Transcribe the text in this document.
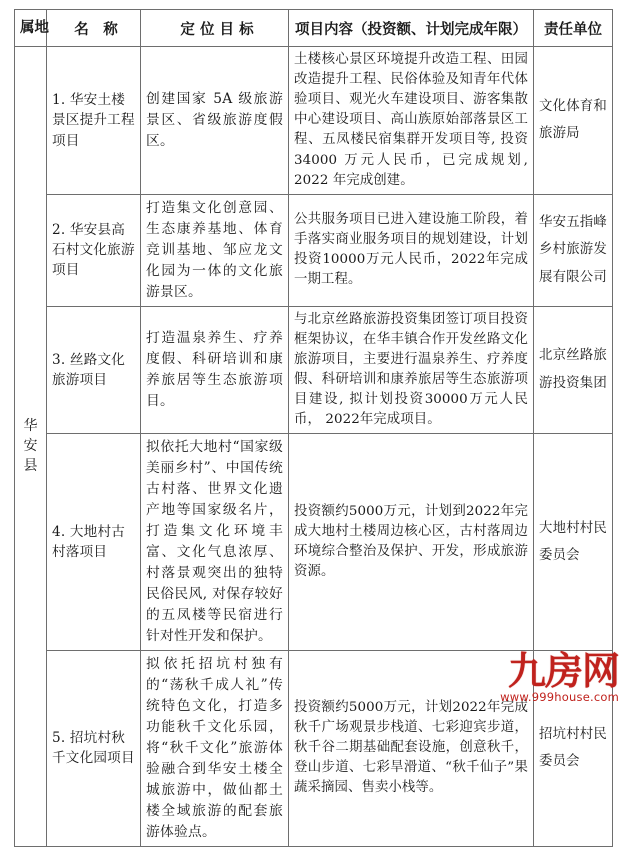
属地	名　称	定 位 目 标	项目内容（投资额、计划完成年限）	责任单位

华安县	1. 华安土楼景区提升工程项目	创建国家 5A 级旅游景区、省级旅游度假区。	土楼核心景区环境提升改造工程、田园改造提升工程、民俗体验及知青年代体验项目、观光火车建设项目、游客集散中心建设项目、高山族原始部落景区工程、五凤楼民宿集群开发项目等, 投资 34000 万元人民币，已完成规划, 2022 年完成创建。	文化体育和旅游局
	2. 华安县高石村文化旅游项目	打造集文化创意园、生态康养基地、体育竞训基地、邹应龙文化园为一体的文化旅游景区。	公共服务项目已进入建设施工阶段，着手落实商业服务项目的规划建设，计划投资10000万元人民币，2022年完成一期工程。	华安五指峰乡村旅游发展有限公司
	3. 丝路文化旅游项目	打造温泉养生、疗养度假、科研培训和康养旅居等生态旅游项目。	与北京丝路旅游投资集团签订项目投资框架协议，在华丰镇合作开发丝路文化旅游项目，主要进行温泉养生、疗养度假、科研培训和康养旅居等生态旅游项目建设, 拟计划投资30000万元人民币， 2022年完成项目。	北京丝路旅游投资集团
	4. 大地村古村落项目	拟依托大地村“国家级美丽乡村”、中国传统古村落、世界文化遗产地等国家级名片，打造集文化环境丰富、文化气息浓厚、村落景观突出的独特民俗民风, 对保存较好的五凤楼等民宿进行针对性开发和保护。	投资额约5000万元，计划到2022年完成大地村土楼周边核心区，古村落周边环境综合整治及保护、开发，形成旅游资源。	大地村村民委员会
	5. 招坑村秋千文化园项目	拟依托招坑村独有的“荡秋千成人礼”传统特色文化，打造多功能秋千文化乐园，将“秋千文化”旅游体验融合到华安土楼全城旅游中，做仙都土楼全域旅游的配套旅游体验点。	投资额约5000万元，计划2022年完成秋千广场观景步栈道、七彩迎宾步道，秋千谷二期基础配套设施，创意秋千，登山步道、七彩旱滑道、“秋千仙子”果蔬采摘园、售卖小栈等。	招坑村村民委员会
九房网
www.999house.com
